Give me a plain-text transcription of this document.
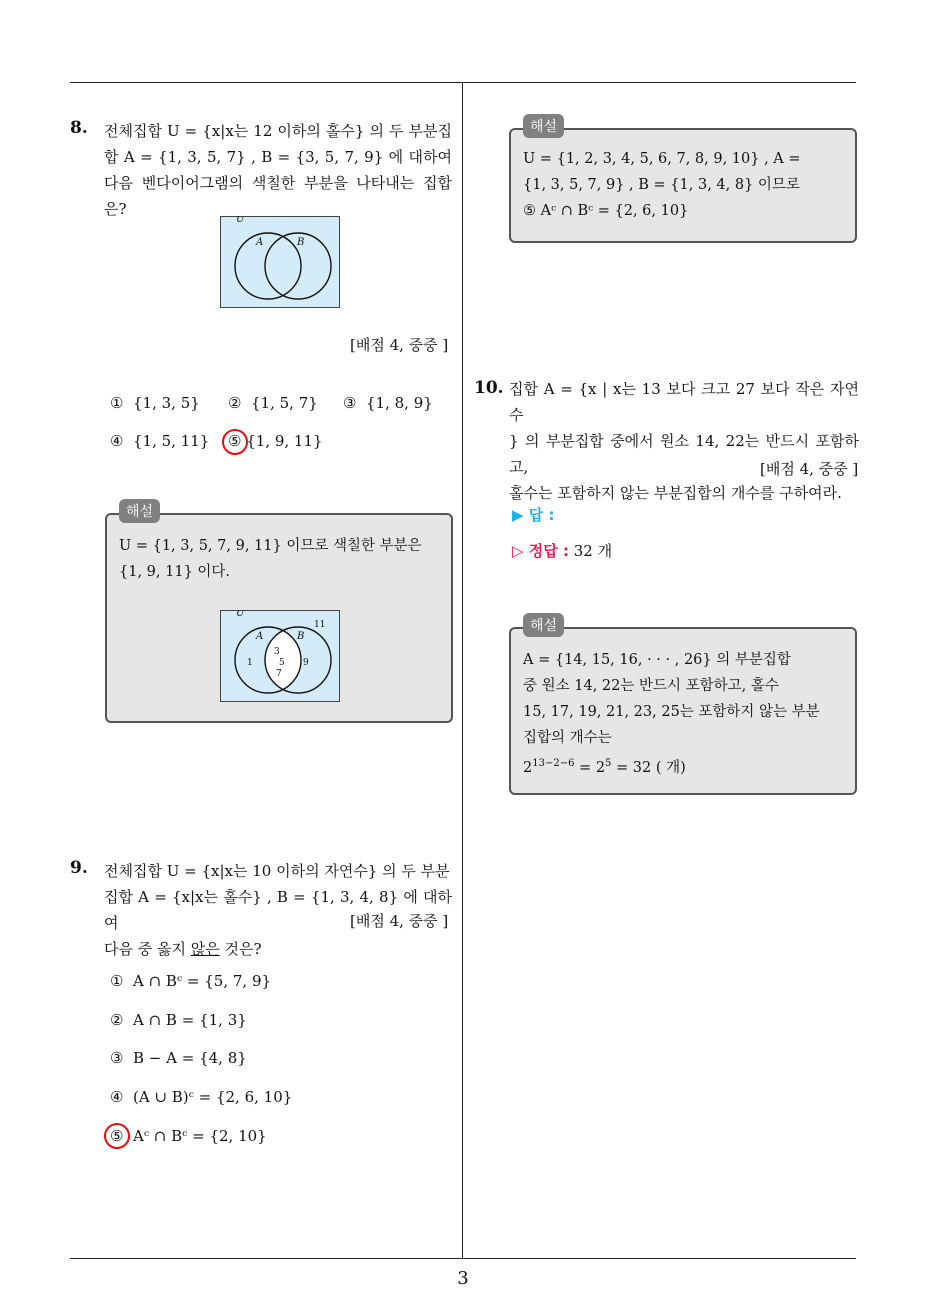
8. 전체집합 U = {x|x는 12 이하의 홀수} 의 두 부분집합 A = {1, 3, 5, 7} , B = {3, 5, 7, 9} 에 대하여 다음 벤다이어그램의 색칠한 부분을 나타내는 집합은?
U
A	B
[배점 4, 중중 ]
① {1, 3, 5} ② {1, 5, 7} ③ {1, 8, 9}
④ {1, 5, 11} ⑤ {1, 9, 11}
해설
U = {1, 3, 5, 7, 9, 11} 이므로 색칠한 부분은
{1, 9, 11} 이다.
U
A	B
11
1	9
3
5
7
9. 전체집합 U = {x|x는 10 이하의 자연수} 의 두 부분
집합 A = {x|x는 홀수} , B = {1, 3, 4, 8} 에 대하여
다음 중 옳지 않은 것은?
[배점 4, 중중 ]
① A ∩ Bᶜ = {5, 7, 9}
② A ∩ B = {1, 3}
③ B − A = {4, 8}
④ (A ∪ B)ᶜ = {2, 6, 10}
⑤ Aᶜ ∩ Bᶜ = {2, 10}
해설
U = {1, 2, 3, 4, 5, 6, 7, 8, 9, 10} , A =
{1, 3, 5, 7, 9} , B = {1, 3, 4, 8} 이므로
⑤ Aᶜ ∩ Bᶜ = {2, 6, 10}
10. 집합 A = {x | x는 13 보다 크고 27 보다 작은 자연수
} 의 부분집합 중에서 원소 14, 22는 반드시 포함하고,
홀수는 포함하지 않는 부분집합의 개수를 구하여라.
[배점 4, 중중 ]
▶ 답 :
▷ 정답 : 32 개
해설
A = {14, 15, 16, · · · , 26} 의 부분집합
중 원소 14, 22는 반드시 포함하고, 홀수
15, 17, 19, 21, 23, 25는 포함하지 않는 부분
집합의 개수는
$2^{13-2-6} = 2^5 = 32$ ( 개)
3
